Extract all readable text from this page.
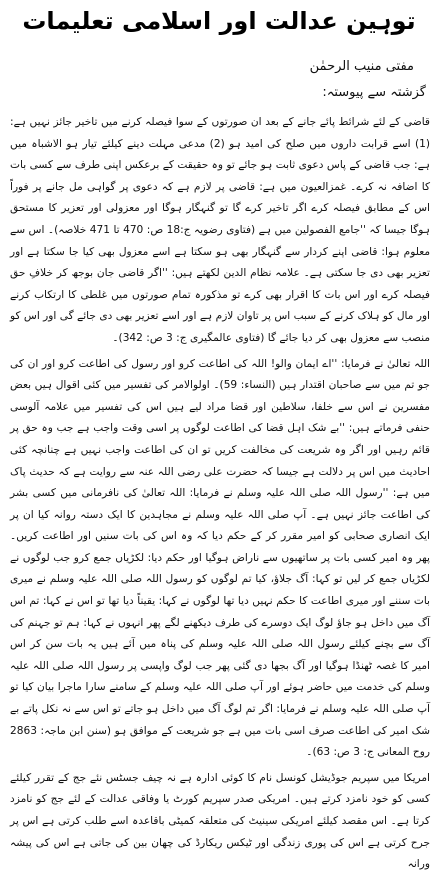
توہین عدالت اور اسلامی تعلیمات
مفتی منیب الرحمٰن
گزشتہ سے پیوستہ:

قاضی کے لئے شرائط پائے جانے کے بعد ان صورتوں کے سوا فیصلہ کرنے میں تاخیر جائز نہیں ہے: (1) اسے قرابت داروں میں صلح کی امید ہو (2) مدعی مہلت دینے کیلئے تیار ہو الاشباہ میں ہے: جب قاضی کے پاس دعوی ثابت ہو جائے تو وہ حقیقت کے برعکس اپنی طرف سے کسی بات کا اضافہ نہ کرے۔ غمزالعیون میں ہے: قاضی پر لازم ہے کہ دعوی پر گواہی مل جانے پر فوراً اس کے مطابق فیصلہ کرے اگر تاخیر کرے گا تو گنہگار ہوگا اور معزولی اور تعزیر کا مستحق ہوگا جیسا کہ ''جامع الفصولین میں ہے (فتاوی رضویہ ج:18 ص: 470 تا 471 خلاصہ)۔ اس سے معلوم ہوا: قاضی اپنے کردار سے گنہگار بھی ہو سکتا ہے اسے معزول بھی کیا جا سکتا ہے اور تعزیر بھی دی جا سکتی ہے۔ علامہ نظام الدین لکھتے ہیں: ''اگر قاضی جان بوجھ کر خلافِ حق فیصلہ کرے اور اس بات کا اقرار بھی کرے تو مذکورہ تمام صورتوں میں غلطی کا ارتکاب کرنے اور مال کو ہلاک کرنے کے سبب اس پر تاوان لازم ہے اور اسے تعزیر بھی دی جائے گی اور اس کو منصب سے معزول بھی کر دیا جائے گا (فتاوی عالمگیری ج: 3 ص: 342)۔

اللہ تعالیٰ نے فرمایا: ''اے ایمان والو! اللہ کی اطاعت کرو اور رسول کی اطاعت کرو اور ان کی جو تم میں سے صاحبان اقتدار ہیں (النساء: 59)۔ اولوالامر کی تفسیر میں کئی اقوال ہیں بعض مفسرین نے اس سے خلفا، سلاطین اور قضا مراد لیے ہیں اس کی تفسیر میں علامہ آلوسی حنفی فرماتے ہیں: ''بے شک اہل قضا کی اطاعت لوگوں پر اسی وقت واجب ہے جب وہ حق پر قائم رہیں اور اگر وہ شریعت کی مخالفت کریں تو ان کی اطاعت واجب نہیں ہے چنانچہ کئی احادیث میں اس پر دلالت ہے جیسا کہ حضرت علی رضی اللہ عنہ سے روایت ہے کہ حدیث پاک میں ہے: ''رسول اللہ صلی اللہ علیہ وسلم نے فرمایا: اللہ تعالیٰ کی نافرمانی میں کسی بشر کی اطاعت جائز نہیں ہے۔ آپ صلی اللہ علیہ وسلم نے مجاہدین کا ایک دستہ روانہ کیا ان پر ایک انصاری صحابی کو امیر مقرر کر کے حکم دیا کہ وہ اس کی بات سنیں اور اطاعت کریں۔ پھر وہ امیر کسی بات پر ساتھیوں سے ناراض ہوگیا اور حکم دیا: لکڑیاں جمع کرو جب لوگوں نے لکڑیاں جمع کر لیں تو کہا: آگ جلاؤ، کیا تم لوگوں کو رسول اللہ صلی اللہ علیہ وسلم نے میری بات سننے اور میری اطاعت کا حکم نہیں دیا تھا لوگوں نے کہا: یقیناً دیا تھا تو اس نے کہا: تم اس آگ میں داخل ہو جاؤ لوگ ایک دوسرے کی طرف دیکھنے لگے پھر انہوں نے کہا: ہم تو جہنم کی آگ سے بچنے کیلئے رسول اللہ صلی اللہ علیہ وسلم کی پناہ میں آئے ہیں یہ بات سن کر اس امیر کا غصہ ٹھنڈا ہوگیا اور آگ بجھا دی گئی پھر جب لوگ واپسی پر رسول اللہ صلی اللہ علیہ وسلم کی خدمت میں حاضر ہوئے اور آپ صلی اللہ علیہ وسلم کے سامنے سارا ماجرا بیان کیا تو آپ صلی اللہ علیہ وسلم نے فرمایا: اگر تم لوگ آگ میں داخل ہو جاتے تو اس سے نہ نکل پاتے بے شک امیر کی اطاعت صرف اسی بات میں ہے جو شریعت کے موافق ہو (سنن ابن ماجہ: 2863 روح المعانی ج: 3 ص: 63)۔

امریکا میں سپریم جوڈیشل کونسل نام کا کوئی ادارہ ہے نہ چیف جسٹس نئے جج کے تقرر کیلئے کسی کو خود نامزد کرتے ہیں۔ امریکی صدر سپریم کورٹ یا وفاقی عدالت کے لئے جج کو نامزد کرتا ہے۔ اس مقصد کیلئے امریکی سینیٹ کی متعلقہ کمیٹی باقاعدہ اسے طلب کرتی ہے اس پر جرح کرتی ہے اس کی پوری زندگی اور ٹیکس ریکارڈ کی چھان بین کی جاتی ہے اس کی پیشہ ورانہ
